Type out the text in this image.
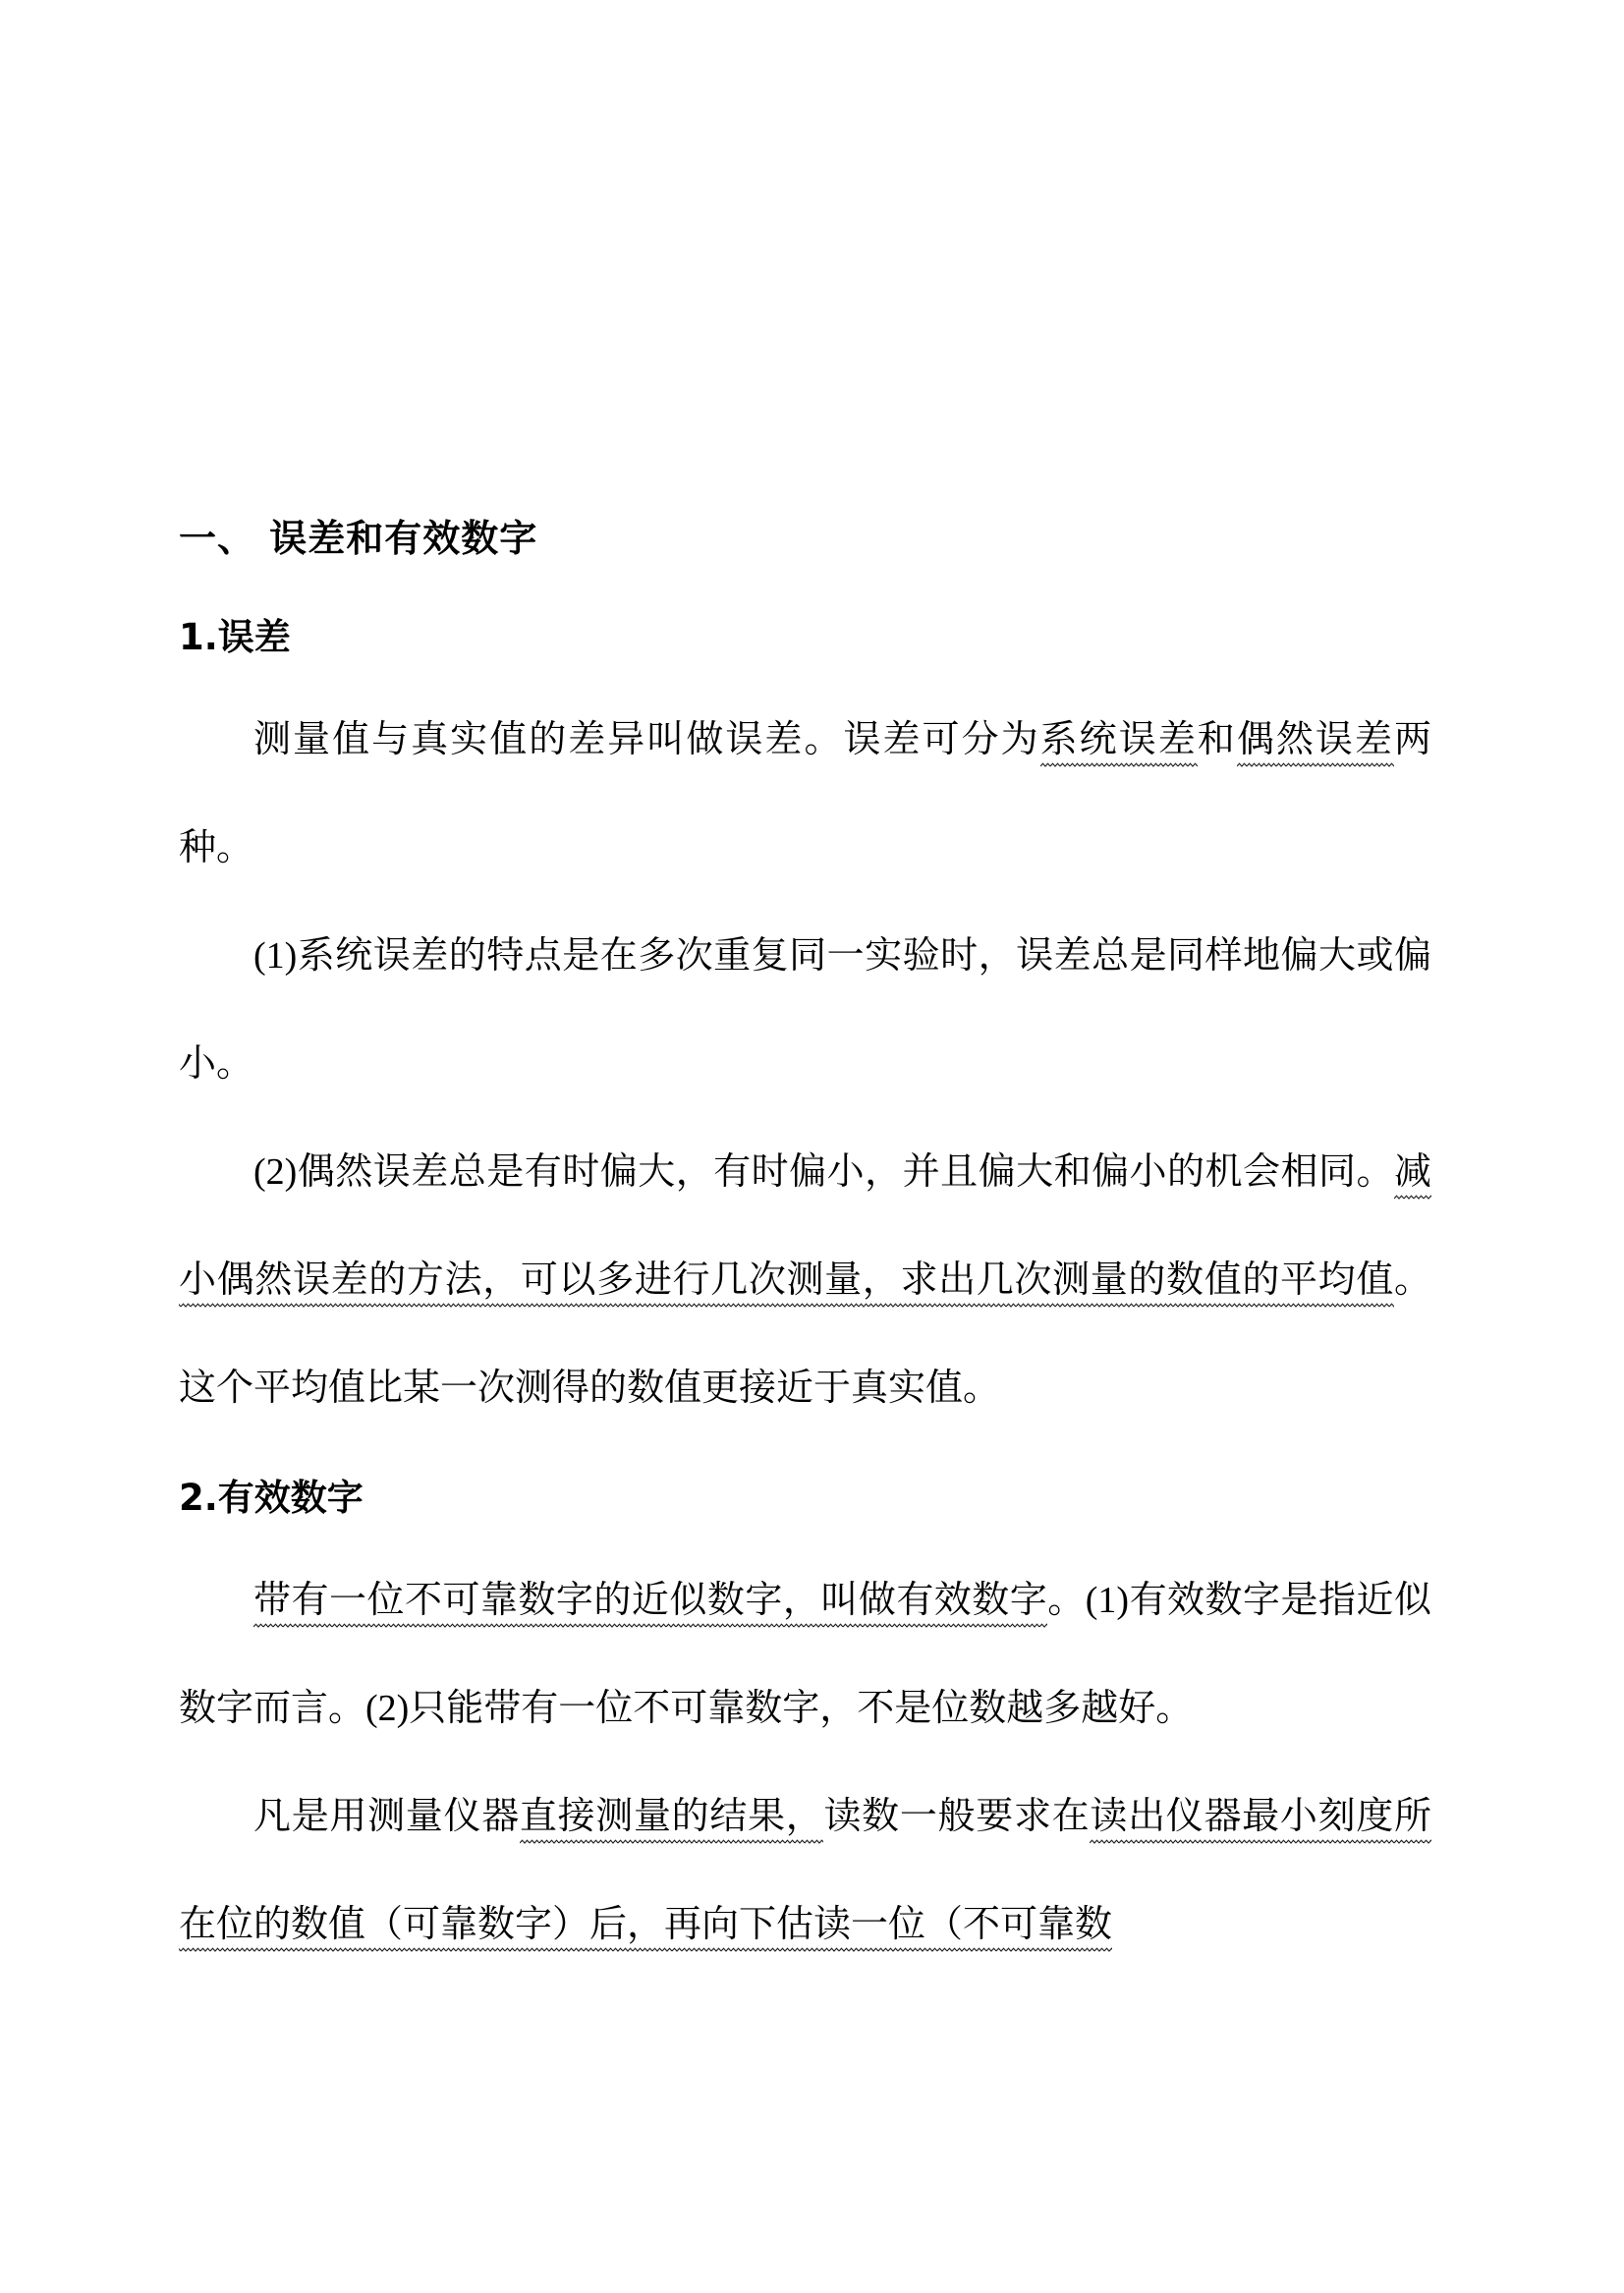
一、 误差和有效数字
1.误差

测量值与真实值的差异叫做误差。误差可分为系统误差和偶然误差两种。

(1)系统误差的特点是在多次重复同一实验时，误差总是同样地偏大或偏小。

(2)偶然误差总是有时偏大，有时偏小，并且偏大和偏小的机会相同。减小偶然误差的方法，可以多进行几次测量，求出几次测量的数值的平均值。这个平均值比某一次测得的数值更接近于真实值。

2.有效数字

带有一位不可靠数字的近似数字，叫做有效数字。(1)有效数字是指近似数字而言。(2)只能带有一位不可靠数字，不是位数越多越好。

凡是用测量仪器直接测量的结果，读数一般要求在读出仪器最小刻度所在位的数值（可靠数字）后，再向下估读一位（不可靠数
